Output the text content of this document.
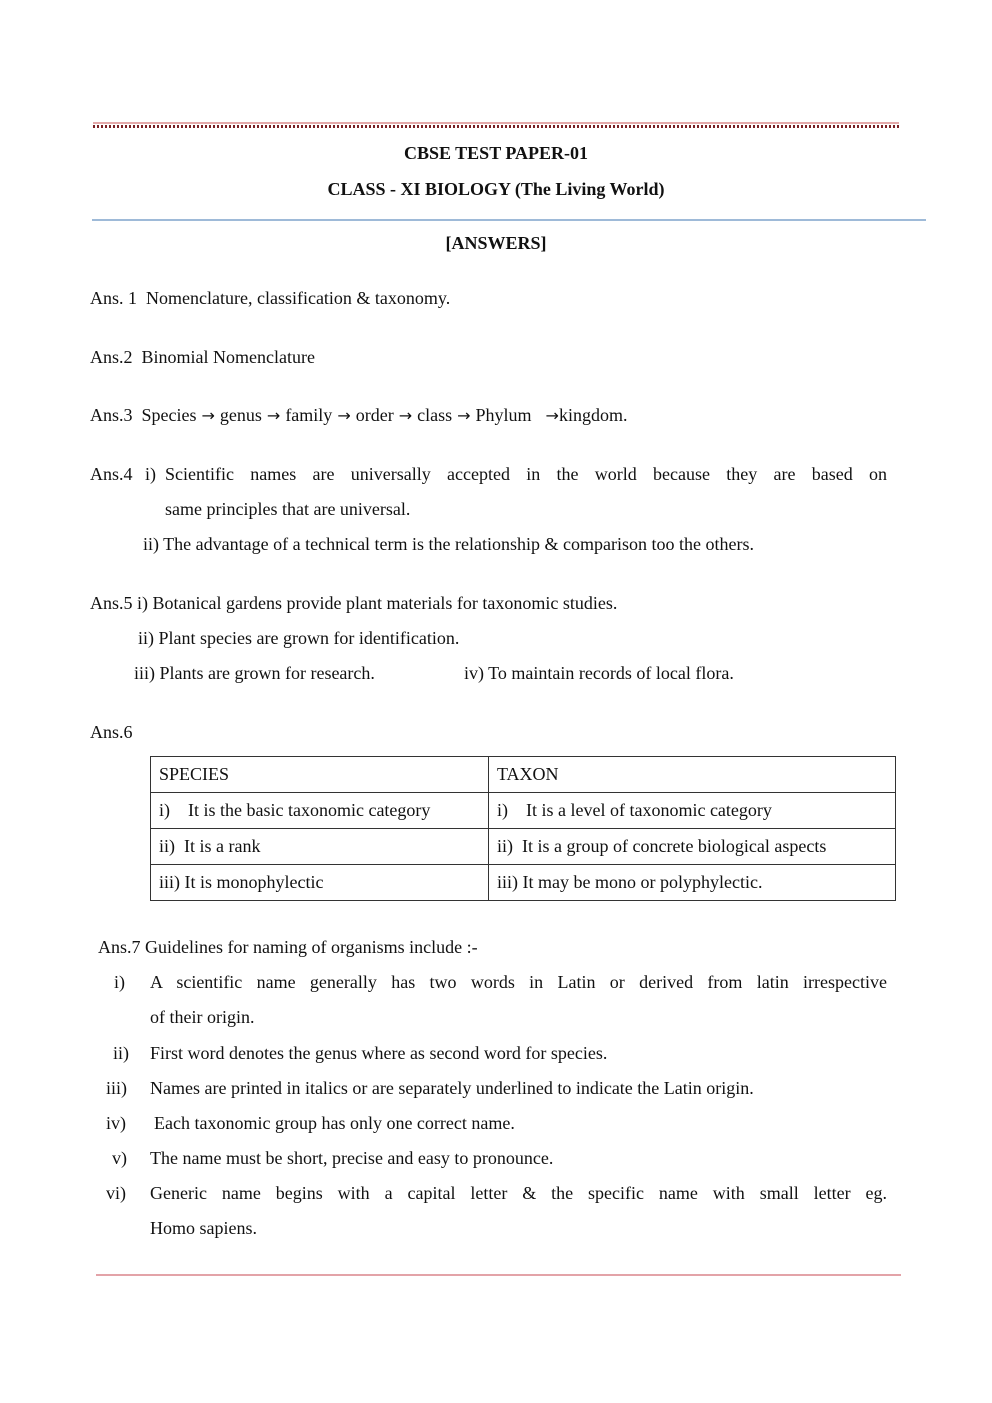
CBSE TEST PAPER-01
CLASS - XI BIOLOGY (The Living World)
[ANSWERS]
Ans. 1 Nomenclature, classification & taxonomy.
Ans.2 Binomial Nomenclature
Ans.3 Species → genus → family → order → class → Phylum →kingdom.
Ans.4 i) Scientific names are universally accepted in the world because they are based on
same principles that are universal.
ii) The advantage of a technical term is the relationship & comparison too the others.
Ans.5 i) Botanical gardens provide plant materials for taxonomic studies.
ii) Plant species are grown for identification.
iii) Plants are grown for research.	iv) To maintain records of local flora.
Ans.6
SPECIES	TAXON
i)    It is the basic taxonomic category	i)    It is a level of taxonomic category
ii)  It is a rank	ii)  It is a group of concrete biological aspects
iii) It is monophylectic	iii) It may be mono or polyphylectic.
Ans.7 Guidelines for naming of organisms include :-
i) A scientific name generally has two words in Latin or derived from latin irrespective
of their origin.
ii) First word denotes the genus where as second word for species.
iii) Names are printed in italics or are separately underlined to indicate the Latin origin.
iv) Each taxonomic group has only one correct name.
v) The name must be short, precise and easy to pronounce.
vi) Generic name begins with a capital letter & the specific name with small letter eg.
Homo sapiens.
